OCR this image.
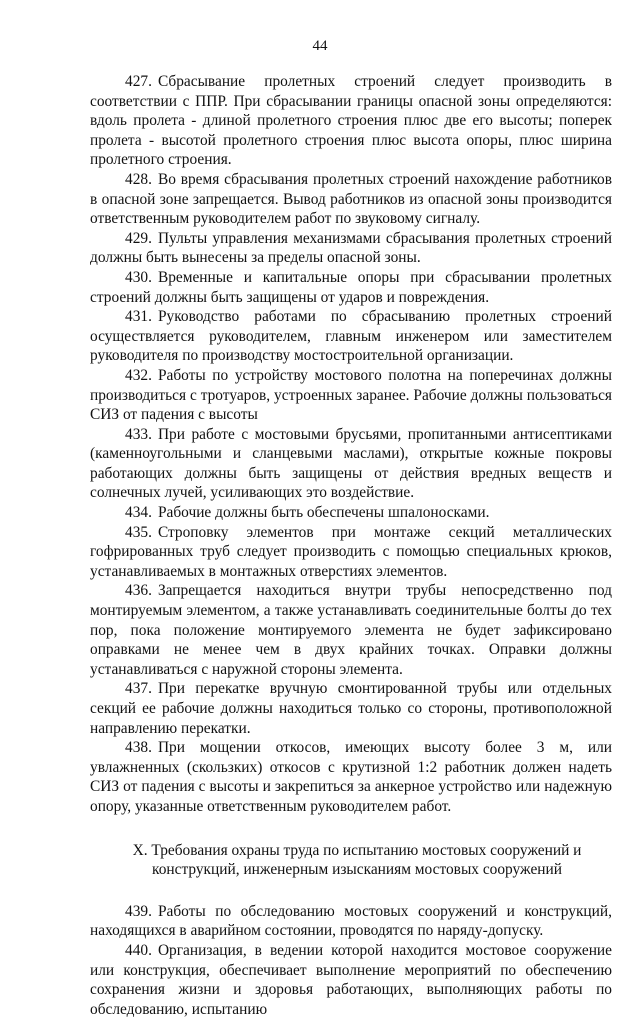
44

427. Сбрасывание пролетных строений следует производить в соответствии с ППР. При сбрасывании границы опасной зоны определяются: вдоль пролета - длиной пролетного строения плюс две его высоты; поперек пролета - высотой пролетного строения плюс высота опоры, плюс ширина пролетного строения.

428. Во время сбрасывания пролетных строений нахождение работников в опасной зоне запрещается. Вывод работников из опасной зоны производится ответственным руководителем работ по звуковому сигналу.

429. Пульты управления механизмами сбрасывания пролетных строений должны быть вынесены за пределы опасной зоны.

430. Временные и капитальные опоры при сбрасывании пролетных строений должны быть защищены от ударов и повреждения.

431. Руководство работами по сбрасыванию пролетных строений осуществляется руководителем, главным инженером или заместителем руководителя по производству мостостроительной организации.

432. Работы по устройству мостового полотна на поперечинах должны производиться с тротуаров, устроенных заранее. Рабочие должны пользоваться СИЗ от падения с высоты

433. При работе с мостовыми брусьями, пропитанными антисептиками (каменноугольными и сланцевыми маслами), открытые кожные покровы работающих должны быть защищены от действия вредных веществ и солнечных лучей, усиливающих это воздействие.

434. Рабочие должны быть обеспечены шпалоносками.

435. Строповку элементов при монтаже секций металлических гофрированных труб следует производить с помощью специальных крюков, устанавливаемых в монтажных отверстиях элементов.

436. Запрещается находиться внутри трубы непосредственно под монтируемым элементом, а также устанавливать соединительные болты до тех пор, пока положение монтируемого элемента не будет зафиксировано оправками не менее чем в двух крайних точках. Оправки должны устанавливаться с наружной стороны элемента.

437. При перекатке вручную смонтированной трубы или отдельных секций ее рабочие должны находиться только со стороны, противоположной направлению перекатки.

438. При мощении откосов, имеющих высоту более 3 м, или увлажненных (скользких) откосов с крутизной 1:2 работник должен надеть СИЗ от падения с высоты и закрепиться за анкерное устройство или надежную опору, указанные ответственным руководителем работ.

X. Требования охраны труда по испытанию мостовых сооружений и конструкций, инженерным изысканиям мостовых сооружений

439. Работы по обследованию мостовых сооружений и конструкций, находящихся в аварийном состоянии, проводятся по наряду-допуску.

440. Организация, в ведении которой находится мостовое сооружение или конструкция, обеспечивает выполнение мероприятий по обеспечению сохранения жизни и здоровья работающих, выполняющих работы по обследованию, испытанию
